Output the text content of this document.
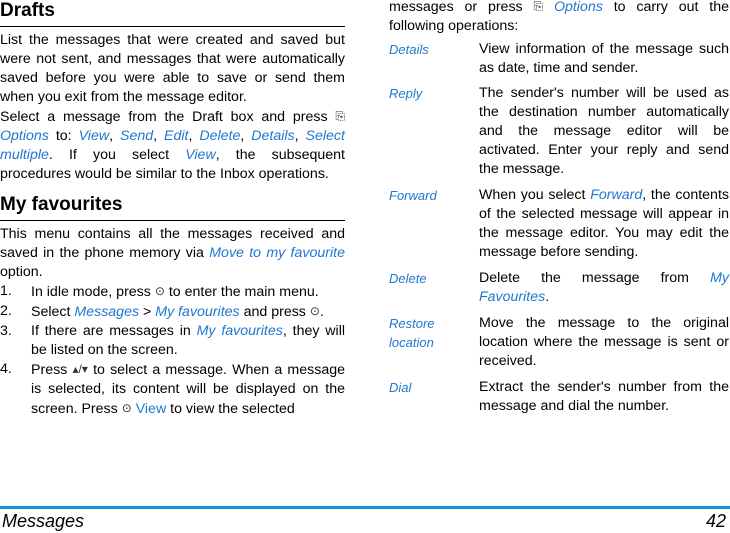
Drafts

List the messages that were created and saved but were not sent, and messages that were automatically saved before you were able to save or send them when you exit from the message editor.

Select a message from the Draft box and press ⎘ Options to: View, Send, Edit, Delete, Details, Select multiple. If you select View, the subsequent procedures would be similar to the Inbox operations.

My favourites

This menu contains all the messages received and saved in the phone memory via Move to my favourite option.

1. In idle mode, press ⊙ to enter the main menu.
2. Select Messages > My favourites and press ⊙.
3. If there are messages in My favourites, they will be listed on the screen.
4. Press ▴/▾ to select a message. When a message is selected, its content will be displayed on the screen. Press ⊙ View to view the selected

messages or press ⎘ Options to carry out the following operations:

Details	View information of the message such as date, time and sender.
Reply	The sender's number will be used as the destination number automatically and the message editor will be activated. Enter your reply and send the message.
Forward	When you select Forward, the contents of the selected message will appear in the message editor. You may edit the message before sending.
Delete	Delete the message from My Favourites.
Restore location	Move the message to the original location where the message is sent or received.
Dial	Extract the sender's number from the message and dial the number.
Messages	42
